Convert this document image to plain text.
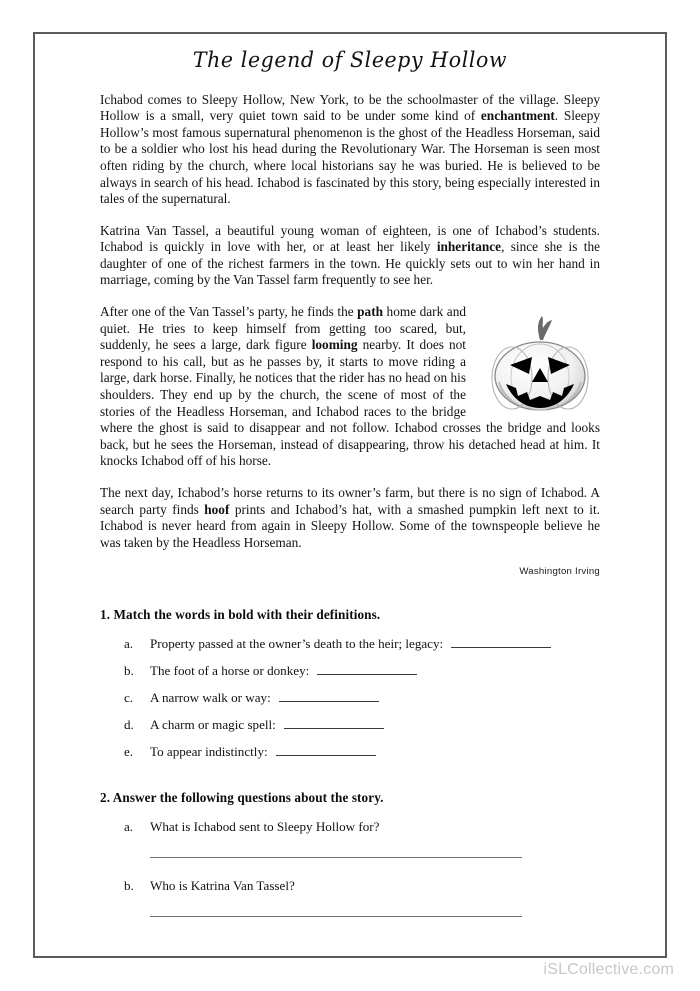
The legend of Sleepy Hollow

Ichabod comes to Sleepy Hollow, New York, to be the schoolmaster of the village. Sleepy Hollow is a small, very quiet town said to be under some kind of enchantment. Sleepy Hollow’s most famous supernatural phenomenon is the ghost of the Headless Horseman, said to be a soldier who lost his head during the Revolutionary War. The Horseman is seen most often riding by the church, where local historians say he was buried. He is believed to be always in search of his head. Ichabod is fascinated by this story, being especially interested in tales of the supernatural.

Katrina Van Tassel, a beautiful young woman of eighteen, is one of Ichabod’s students. Ichabod is quickly in love with her, or at least her likely inheritance, since she is the daughter of one of the richest farmers in the town. He quickly sets out to win her hand in marriage, coming by the Van Tassel farm frequently to see her.

After one of the Van Tassel’s party, he finds the path home dark and quiet. He tries to keep himself from getting too scared, but, suddenly, he sees a large, dark figure looming nearby. It does not respond to his call, but as he passes by, it starts to move riding a large, dark horse. Finally, he notices that the rider has no head on his shoulders. They end up by the church, the scene of most of the stories of the Headless Horseman, and Ichabod races to the bridge where the ghost is said to disappear and not follow. Ichabod crosses the bridge and looks back, but he sees the Horseman, instead of disappearing, throw his detached head at him. It knocks Ichabod off of his horse.

The next day, Ichabod’s horse returns to its owner’s farm, but there is no sign of Ichabod. A search party finds hoof prints and Ichabod’s hat, with a smashed pumpkin left next to it. Ichabod is never heard from again in Sleepy Hollow. Some of the townspeople believe he was taken by the Headless Horseman.

Washington Irving
1. Match the words in bold with their definitions.
a.	Property passed at the owner’s death to the heir; legacy:
b.	The foot of a horse or donkey:
c.	A narrow walk or way:
d.	A charm or magic spell:
e.	To appear indistinctly:
2. Answer the following questions about the story.
a.	What is Ichabod sent to Sleepy Hollow for?
b.	Who is Katrina Van Tassel?
iSLCollective.com
